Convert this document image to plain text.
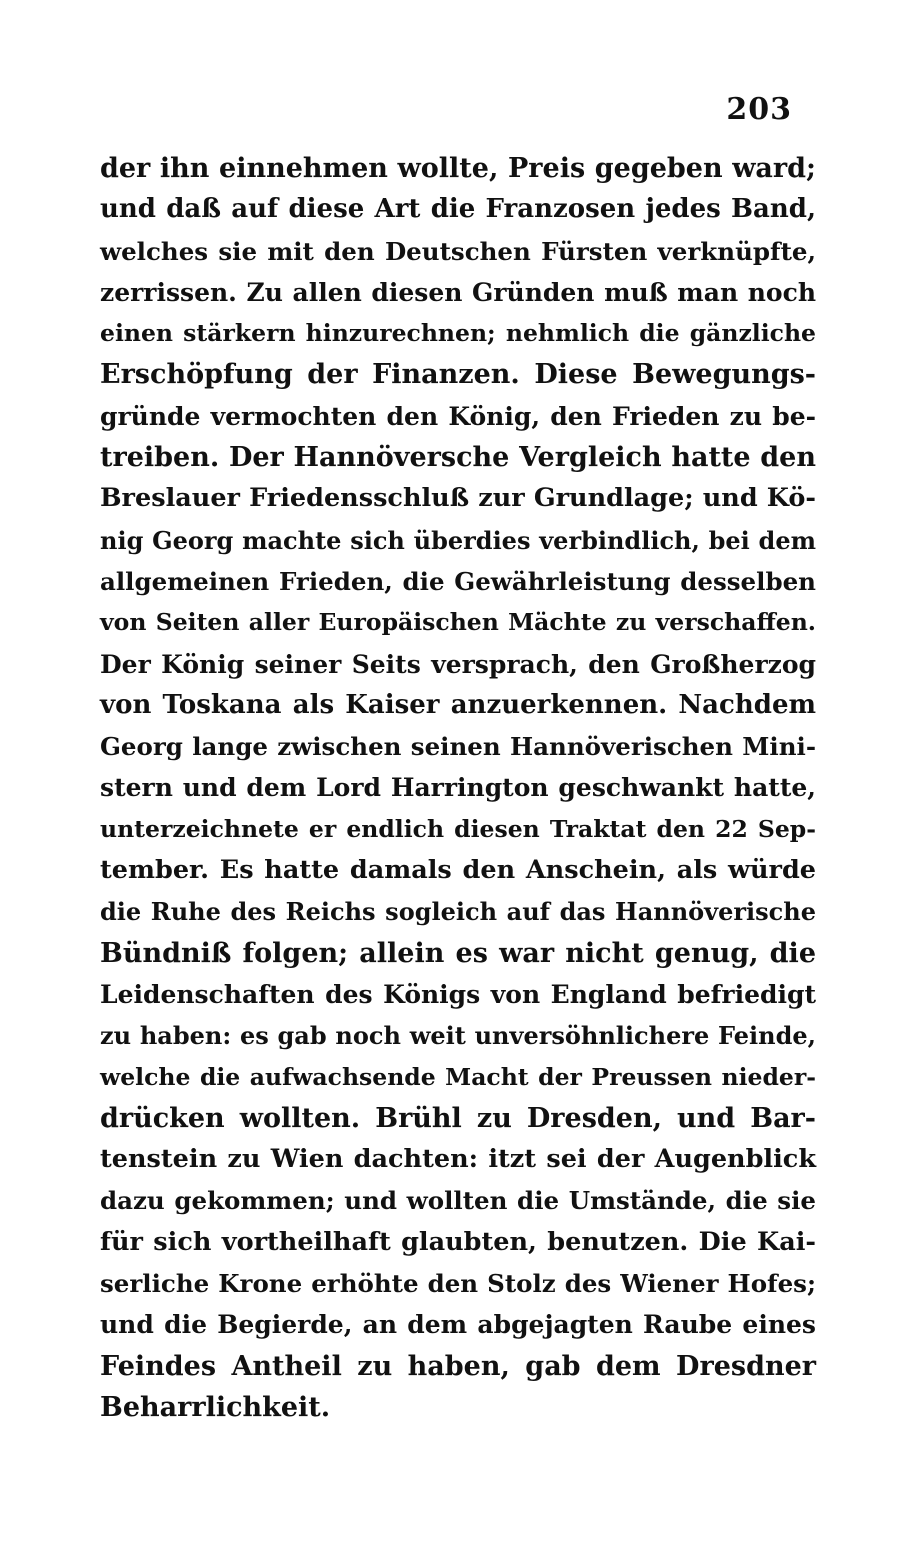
203
der ihn einnehmen wollte, Preis gegeben ward;
und daß auf diese Art die Franzosen jedes Band,
welches sie mit den Deutschen Fürsten verknüpfte,
zerrissen. Zu allen diesen Gründen muß man noch
einen stärkern hinzurechnen; nehmlich die gänzliche
Erschöpfung der Finanzen. Diese Bewegungs-
gründe vermochten den König, den Frieden zu be-
treiben. Der Hannöversche Vergleich hatte den
Breslauer Friedensschluß zur Grundlage; und Kö-
nig Georg machte sich überdies verbindlich, bei dem
allgemeinen Frieden, die Gewährleistung desselben
von Seiten aller Europäischen Mächte zu verschaffen.
Der König seiner Seits versprach, den Großherzog
von Toskana als Kaiser anzuerkennen. Nachdem
Georg lange zwischen seinen Hannöverischen Mini-
stern und dem Lord Harrington geschwankt hatte,
unterzeichnete er endlich diesen Traktat den 22 Sep-
tember. Es hatte damals den Anschein, als würde
die Ruhe des Reichs sogleich auf das Hannöverische
Bündniß folgen; allein es war nicht genug, die
Leidenschaften des Königs von England befriedigt
zu haben: es gab noch weit unversöhnlichere Feinde,
welche die aufwachsende Macht der Preussen nieder-
drücken wollten. Brühl zu Dresden, und Bar-
tenstein zu Wien dachten: itzt sei der Augenblick
dazu gekommen; und wollten die Umstände, die sie
für sich vortheilhaft glaubten, benutzen. Die Kai-
serliche Krone erhöhte den Stolz des Wiener Hofes;
und die Begierde, an dem abgejagten Raube eines
Feindes Antheil zu haben, gab dem Dresdner
Beharrlichkeit.
